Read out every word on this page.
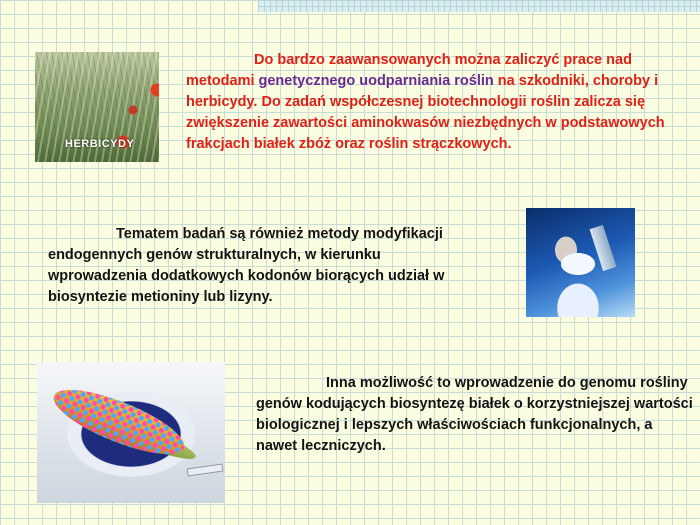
HERBICYDY

Do bardzo zaawansowanych można zaliczyć prace nad metodami genetycznego uodparniania roślin na szkodniki, choroby i herbicydy. Do zadań współczesnej biotechnologii roślin zalicza się zwiększenie zawartości aminokwasów niezbędnych w podstawowych frakcjach białek zbóż oraz roślin strączkowych.

Tematem badań są również metody modyfikacji endogennych genów strukturalnych, w kierunku wprowadzenia dodatkowych kodonów biorących udział w biosyntezie metioniny lub lizyny.

Inna możliwość to wprowadzenie do genomu rośliny genów kodujących biosyntezę białek o korzystniejszej wartości biologicznej i lepszych właściwościach funkcjonalnych, a nawet leczniczych.
